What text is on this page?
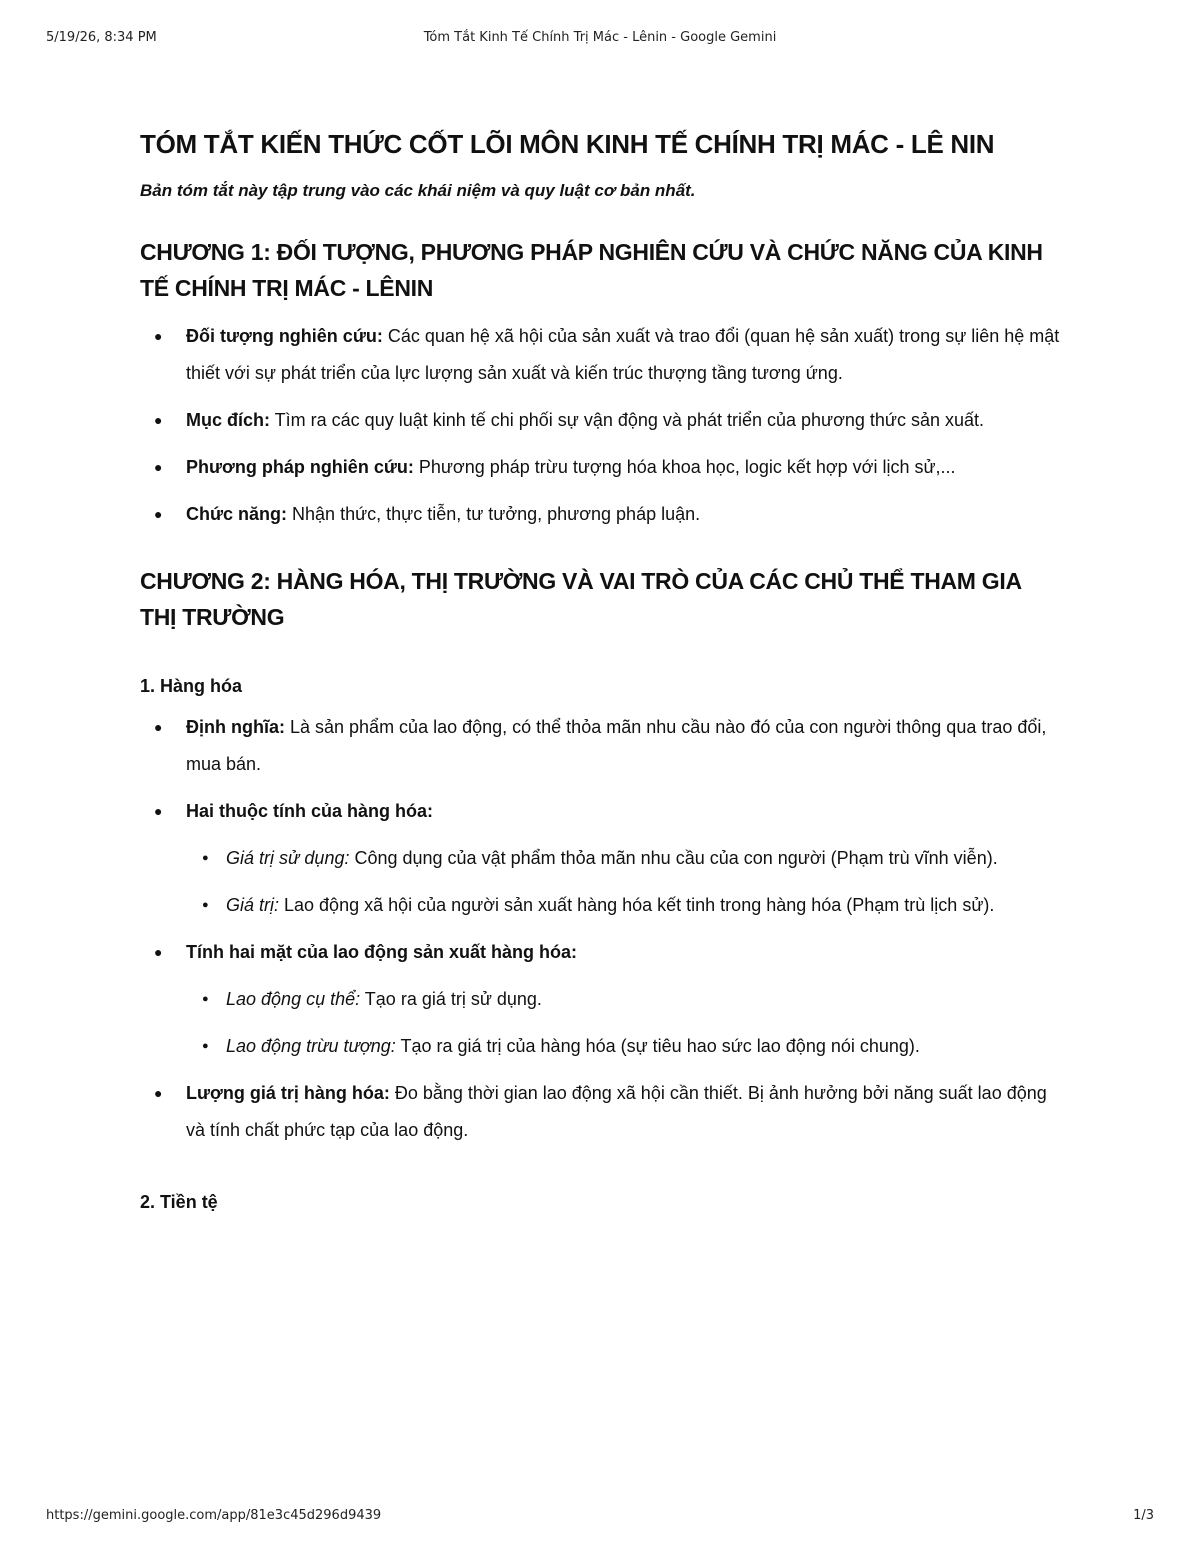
5/19/26, 8:34 PM	Tóm Tắt Kinh Tế Chính Trị Mác - Lênin - Google Gemini
TÓM TẮT KIẾN THỨC CỐT LÕI MÔN KINH TẾ CHÍNH TRỊ MÁC - LÊ NIN

Bản tóm tắt này tập trung vào các khái niệm và quy luật cơ bản nhất.

CHƯƠNG 1: ĐỐI TƯỢNG, PHƯƠNG PHÁP NGHIÊN CỨU VÀ CHỨC NĂNG CỦA KINH TẾ CHÍNH TRỊ MÁC - LÊNIN
● Đối tượng nghiên cứu: Các quan hệ xã hội của sản xuất và trao đổi (quan hệ sản xuất) trong sự liên hệ mật thiết với sự phát triển của lực lượng sản xuất và kiến trúc thượng tầng tương ứng.
● Mục đích: Tìm ra các quy luật kinh tế chi phối sự vận động và phát triển của phương thức sản xuất.
● Phương pháp nghiên cứu: Phương pháp trừu tượng hóa khoa học, logic kết hợp với lịch sử,...
● Chức năng: Nhận thức, thực tiễn, tư tưởng, phương pháp luận.
CHƯƠNG 2: HÀNG HÓA, THỊ TRƯỜNG VÀ VAI TRÒ CỦA CÁC CHỦ THỂ THAM GIA THỊ TRƯỜNG
1. Hàng hóa
● Định nghĩa: Là sản phẩm của lao động, có thể thỏa mãn nhu cầu nào đó của con người thông qua trao đổi, mua bán.
● Hai thuộc tính của hàng hóa:
● Giá trị sử dụng: Công dụng của vật phẩm thỏa mãn nhu cầu của con người (Phạm trù vĩnh viễn).
● Giá trị: Lao động xã hội của người sản xuất hàng hóa kết tinh trong hàng hóa (Phạm trù lịch sử).
● Tính hai mặt của lao động sản xuất hàng hóa:
● Lao động cụ thể: Tạo ra giá trị sử dụng.
● Lao động trừu tượng: Tạo ra giá trị của hàng hóa (sự tiêu hao sức lao động nói chung).
● Lượng giá trị hàng hóa: Đo bằng thời gian lao động xã hội cần thiết. Bị ảnh hưởng bởi năng suất lao động và tính chất phức tạp của lao động.
2. Tiền tệ
https://gemini.google.com/app/81e3c45d296d9439	1/3
